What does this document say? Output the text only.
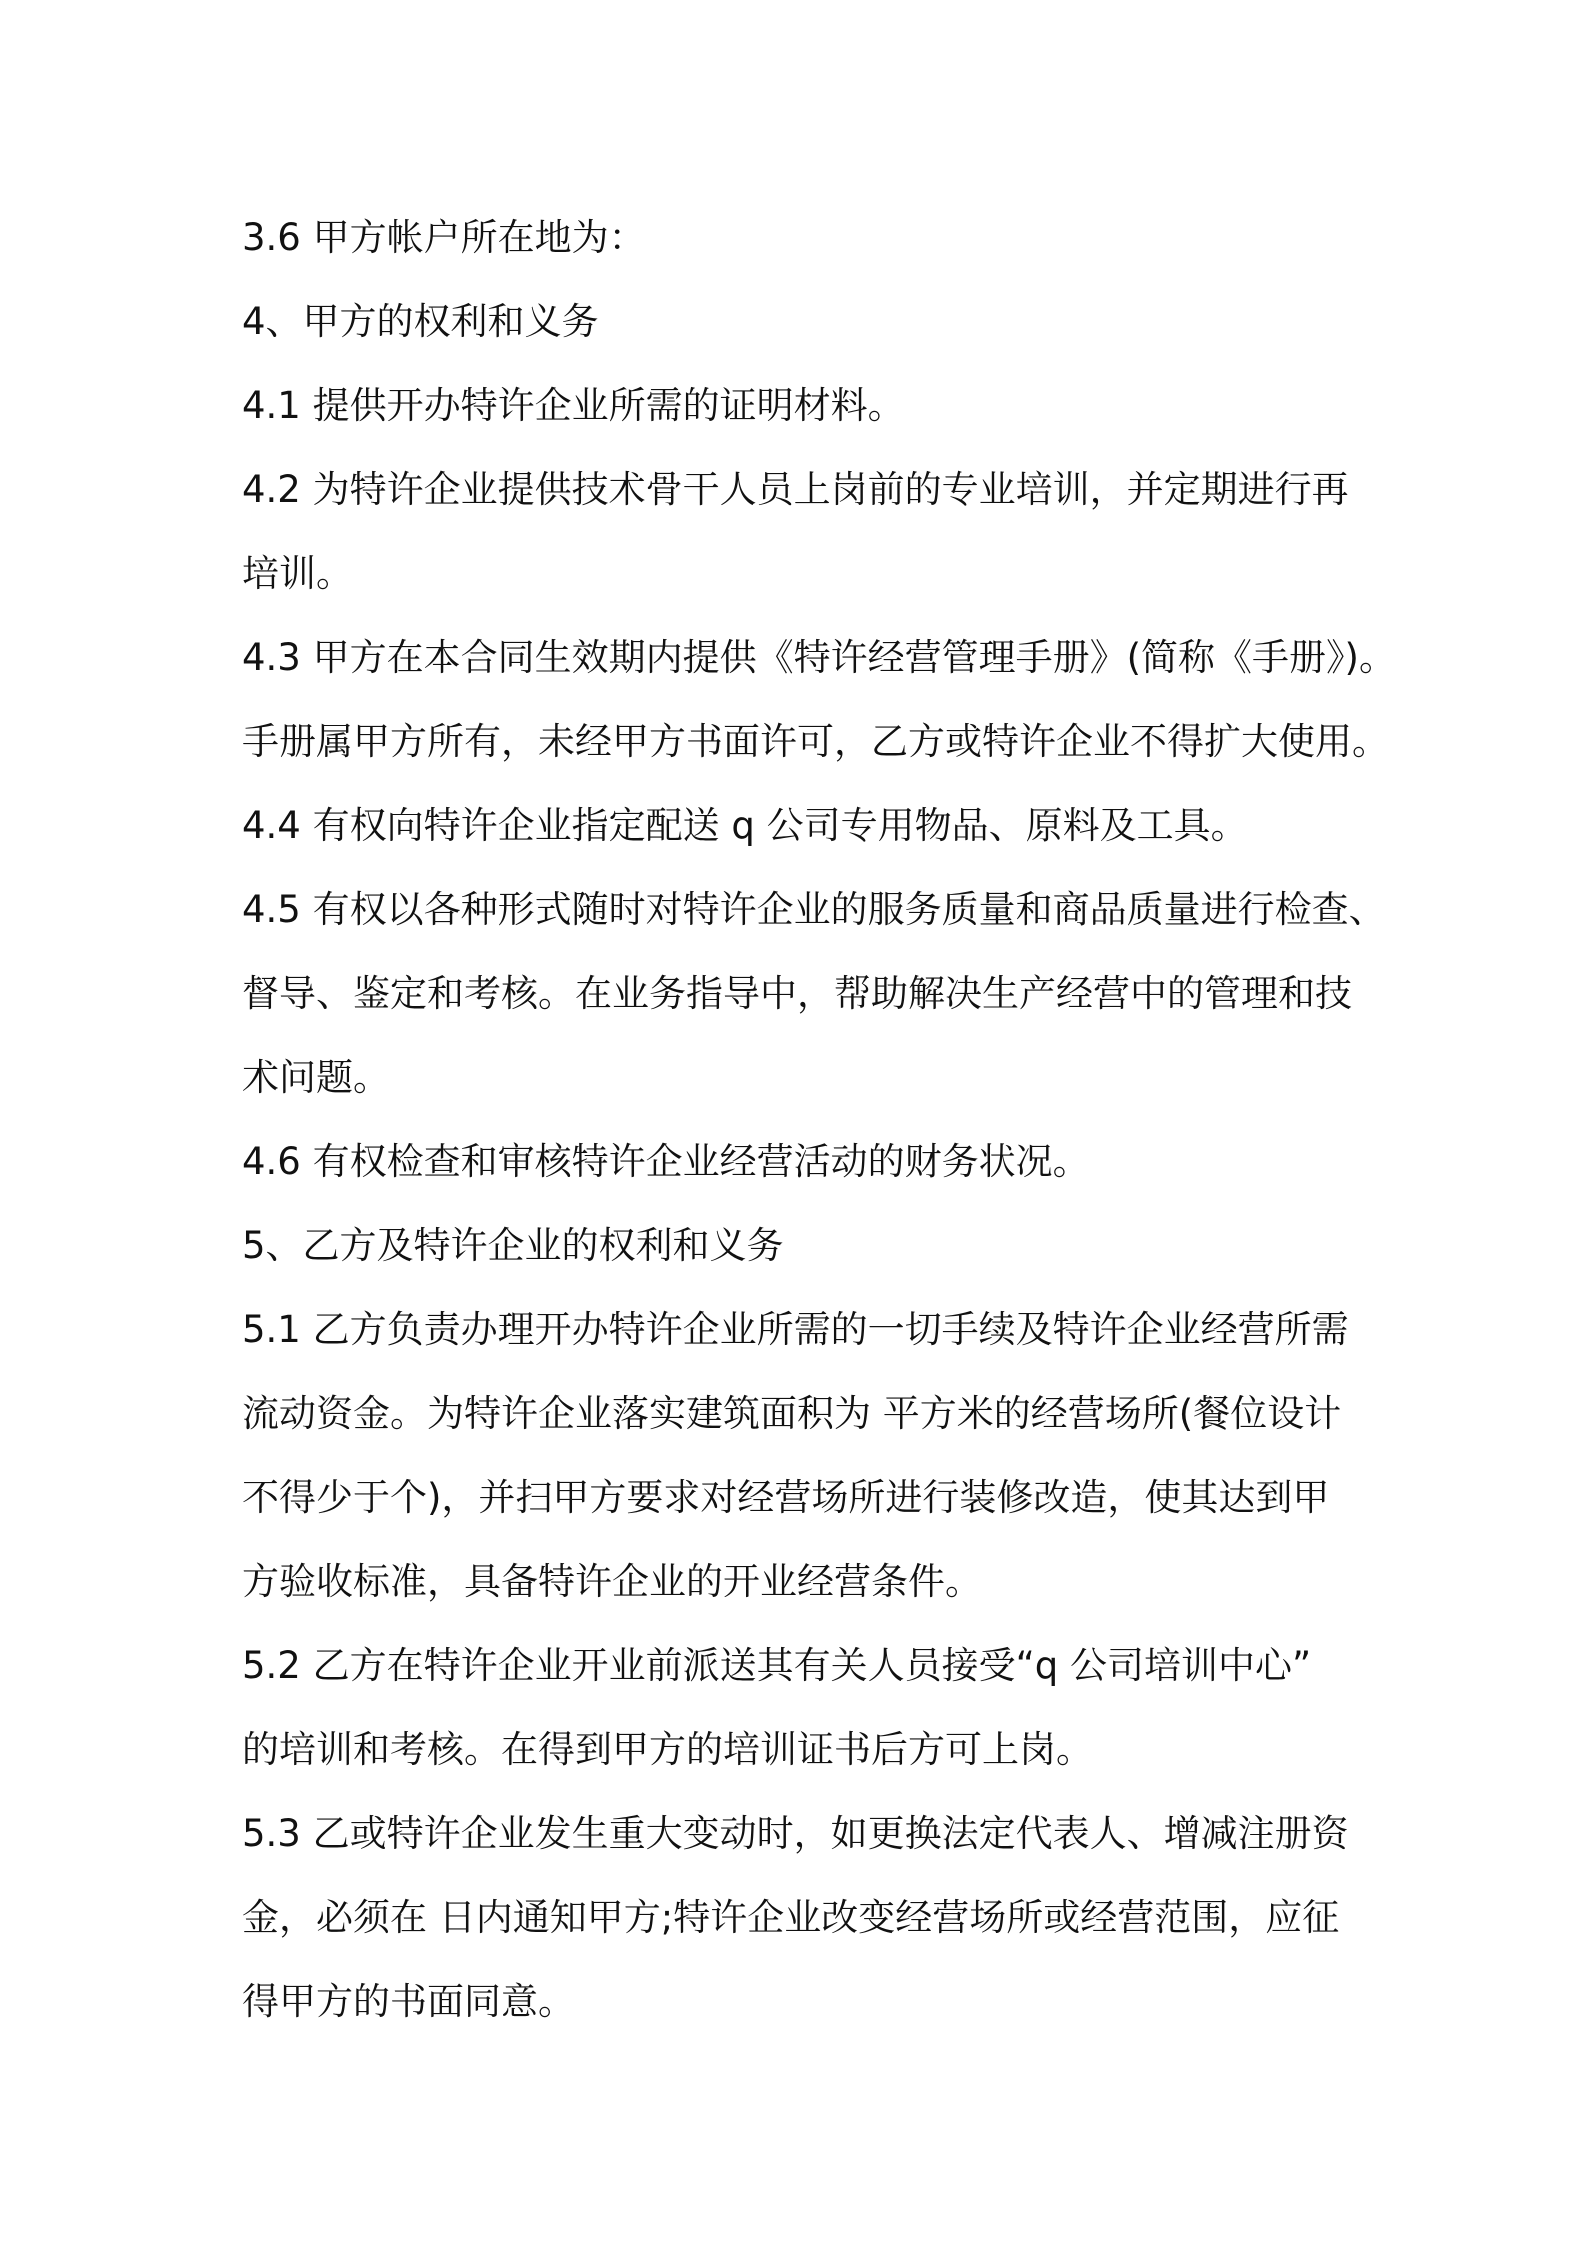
3.6 甲方帐户所在地为：
4、甲方的权利和义务
4.1 提供开办特许企业所需的证明材料。
4.2 为特许企业提供技术骨干人员上岗前的专业培训，并定期进行再
培训。
4.3 甲方在本合同生效期内提供《特许经营管理手册》(简称《手册》)。
手册属甲方所有，未经甲方书面许可，乙方或特许企业不得扩大使用。
4.4 有权向特许企业指定配送 q 公司专用物品、原料及工具。
4.5 有权以各种形式随时对特许企业的服务质量和商品质量进行检查、
督导、鉴定和考核。在业务指导中，帮助解决生产经营中的管理和技
术问题。
4.6 有权检查和审核特许企业经营活动的财务状况。
5、乙方及特许企业的权利和义务
5.1 乙方负责办理开办特许企业所需的一切手续及特许企业经营所需
流动资金。为特许企业落实建筑面积为 平方米的经营场所(餐位设计
不得少于个)，并扫甲方要求对经营场所进行装修改造，使其达到甲
方验收标准，具备特许企业的开业经营条件。
5.2 乙方在特许企业开业前派送其有关人员接受“q 公司培训中心”
的培训和考核。在得到甲方的培训证书后方可上岗。
5.3 乙或特许企业发生重大变动时，如更换法定代表人、增减注册资
金，必须在 日内通知甲方;特许企业改变经营场所或经营范围，应征
得甲方的书面同意。
